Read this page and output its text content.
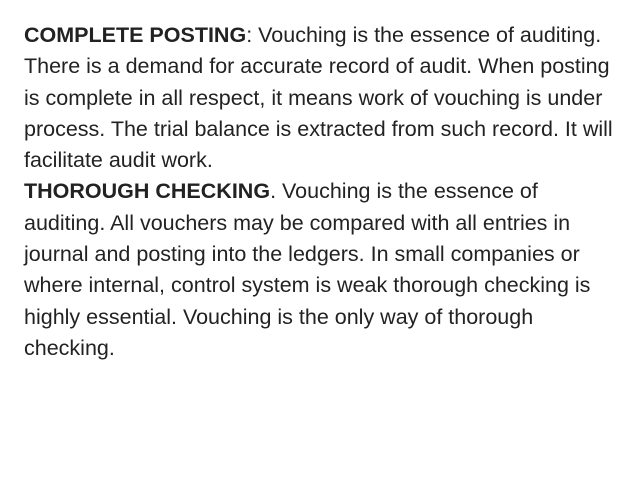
COMPLETE POSTING: Vouching is the essence of auditing. There is a demand for accurate record of audit. When posting is complete in all respect, it means work of vouching is under process. The trial balance is extracted from such record. It will facilitate audit work.

THOROUGH CHECKING. Vouching is the essence of auditing. All vouchers may be compared with all entries in journal and posting into the ledgers. In small companies or where internal, control system is weak thorough checking is highly essential. Vouching is the only way of thorough checking.
